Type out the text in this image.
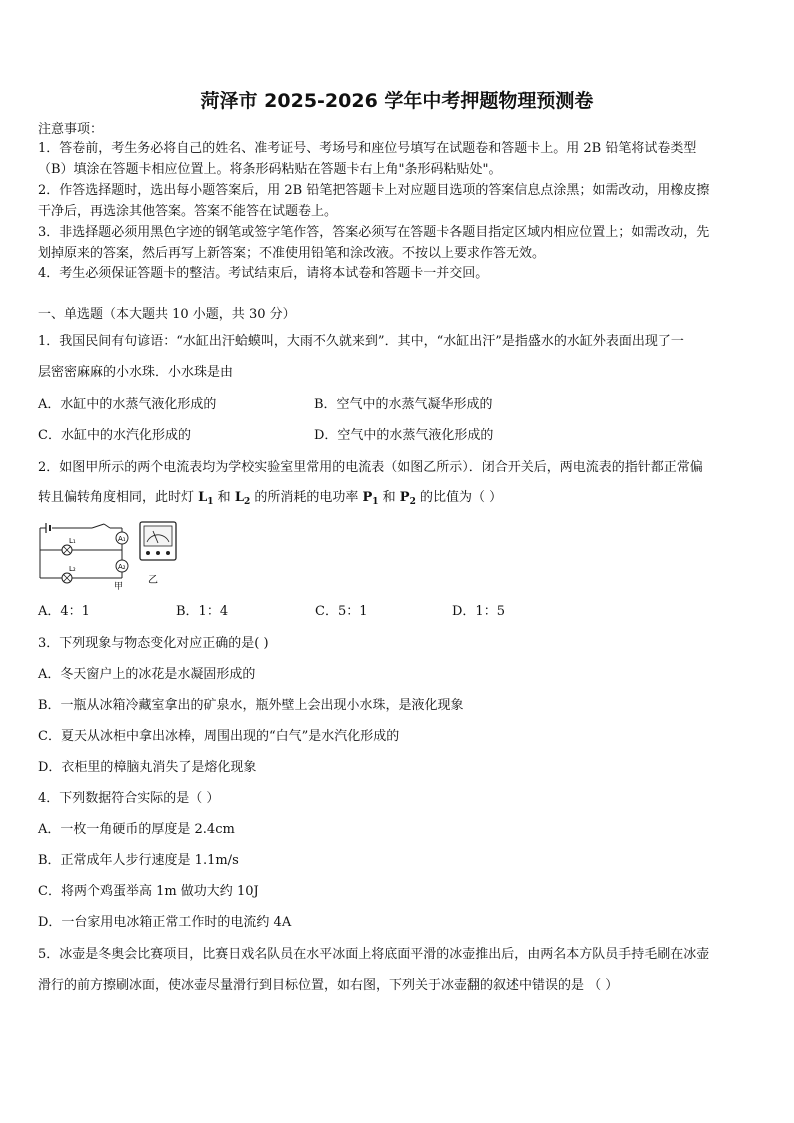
菏泽市 2025-2026 学年中考押题物理预测卷
注意事项：
1．答卷前，考生务必将自己的姓名、准考证号、考场号和座位号填写在试题卷和答题卡上。用 2B 铅笔将试卷类型
（B）填涂在答题卡相应位置上。将条形码粘贴在答题卡右上角"条形码粘贴处"。
2．作答选择题时，选出每小题答案后，用 2B 铅笔把答题卡上对应题目选项的答案信息点涂黑；如需改动，用橡皮擦
干净后，再选涂其他答案。答案不能答在试题卷上。
3．非选择题必须用黑色字迹的钢笔或签字笔作答，答案必须写在答题卡各题目指定区域内相应位置上；如需改动，先
划掉原来的答案，然后再写上新答案；不准使用铅笔和涂改液。不按以上要求作答无效。
4．考生必须保证答题卡的整洁。考试结束后，请将本试卷和答题卡一并交回。
一、单选题（本大题共 10 小题，共 30 分）
1．我国民间有句谚语：“水缸出汗蛤蟆叫，大雨不久就来到”．其中，“水缸出汗”是指盛水的水缸外表面出现了一
层密密麻麻的小水珠．小水珠是由
A．水缸中的水蒸气液化形成的	B．空气中的水蒸气凝华形成的
C．水缸中的水汽化形成的	D．空气中的水蒸气液化形成的
2．如图甲所示的两个电流表均为学校实验室里常用的电流表（如图乙所示）．闭合开关后，两电流表的指针都正常偏
转且偏转角度相同，此时灯 $L_1$ 和 $L_2$ 的所消耗的电功率 $P_1$ 和 $P_2$ 的比值为（ ）
L₁
L₂
A₁
A₂
甲
乙
A．4：1	B．1：4	C．5：1	D．1：5
3．下列现象与物态变化对应正确的是( )
A．冬天窗户上的冰花是水凝固形成的
B．一瓶从冰箱冷藏室拿出的矿泉水，瓶外壁上会出现小水珠，是液化现象
C．夏天从冰柜中拿出冰棒，周围出现的“白气”是水汽化形成的
D．衣柜里的樟脑丸消失了是熔化现象
4．下列数据符合实际的是（ ）
A．一枚一角硬币的厚度是 2.4cm
B．正常成年人步行速度是 1.1m/s
C．将两个鸡蛋举高 1m 做功大约 10J
D．一台家用电冰箱正常工作时的电流约 4A
5．冰壶是冬奥会比赛项目，比赛日戏名队员在水平冰面上将底面平滑的冰壶推出后，由两名本方队员手持毛刷在冰壶
滑行的前方擦刷冰面，使冰壶尽量滑行到目标位置，如右图，下列关于冰壶翻的叙述中错误的是 （ ）
